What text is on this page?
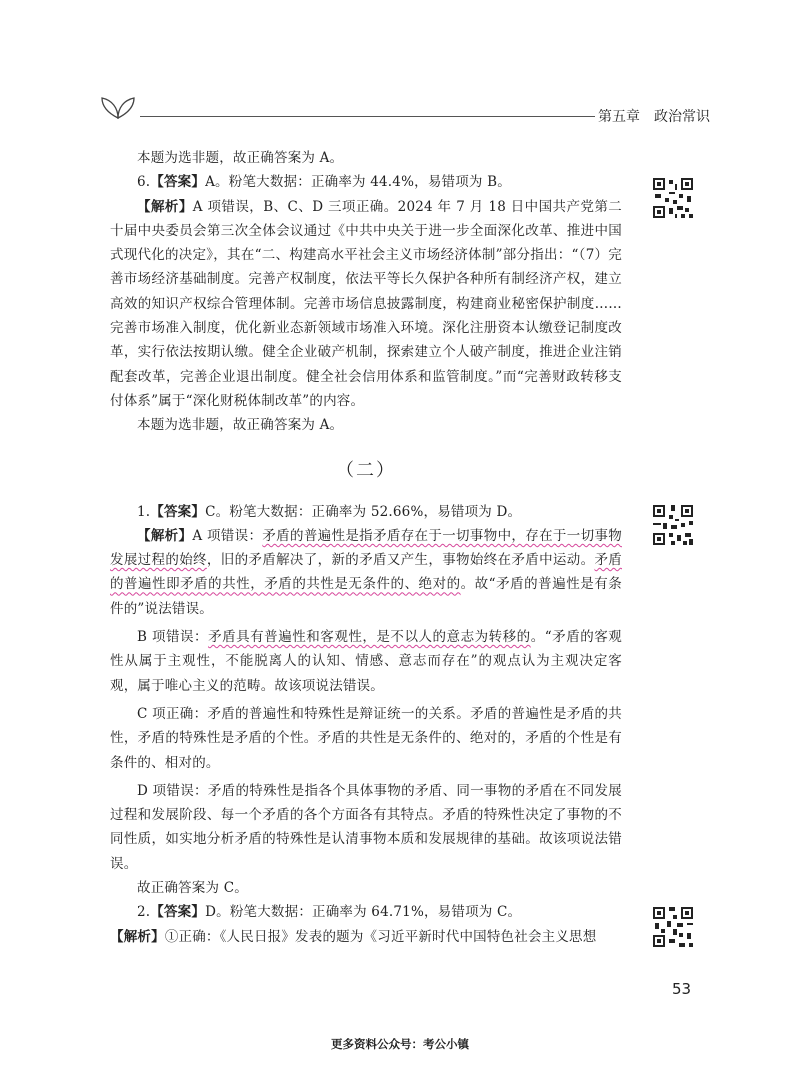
第五章　政治常识

本题为选非题，故正确答案为 A。

6.【答案】A。粉笔大数据：正确率为 44.4%，易错项为 B。

【解析】A 项错误，B、C、D 三项正确。2024 年 7 月 18 日中国共产党第二十届中央委员会第三次全体会议通过《中共中央关于进一步全面深化改革、推进中国式现代化的决定》，其在“二、构建高水平社会主义市场经济体制”部分指出：“（7）完善市场经济基础制度。完善产权制度，依法平等长久保护各种所有制经济产权，建立高效的知识产权综合管理体制。完善市场信息披露制度，构建商业秘密保护制度……完善市场准入制度，优化新业态新领域市场准入环境。深化注册资本认缴登记制度改革，实行依法按期认缴。健全企业破产机制，探索建立个人破产制度，推进企业注销配套改革，完善企业退出制度。健全社会信用体系和监管制度。”而“完善财政转移支付体系”属于“深化财税体制改革”的内容。

本题为选非题，故正确答案为 A。

（二）

1.【答案】C。粉笔大数据：正确率为 52.66%，易错项为 D。

【解析】A 项错误：矛盾的普遍性是指矛盾存在于一切事物中，存在于一切事物发展过程的始终，旧的矛盾解决了，新的矛盾又产生，事物始终在矛盾中运动。矛盾的普遍性即矛盾的共性，矛盾的共性是无条件的、绝对的。故“矛盾的普遍性是有条件的”说法错误。

B 项错误：矛盾具有普遍性和客观性，是不以人的意志为转移的。“矛盾的客观性从属于主观性，不能脱离人的认知、情感、意志而存在”的观点认为主观决定客观，属于唯心主义的范畴。故该项说法错误。

C 项正确：矛盾的普遍性和特殊性是辩证统一的关系。矛盾的普遍性是矛盾的共性，矛盾的特殊性是矛盾的个性。矛盾的共性是无条件的、绝对的，矛盾的个性是有条件的、相对的。

D 项错误：矛盾的特殊性是指各个具体事物的矛盾、同一事物的矛盾在不同发展过程和发展阶段、每一个矛盾的各个方面各有其特点。矛盾的特殊性决定了事物的不同性质，如实地分析矛盾的特殊性是认清事物本质和发展规律的基础。故该项说法错误。

故正确答案为 C。

2.【答案】D。粉笔大数据：正确率为 64.71%，易错项为 C。

【解析】①正确：《人民日报》发表的题为《习近平新时代中国特色社会主义思想

53
更多资料公众号：考公小镇
